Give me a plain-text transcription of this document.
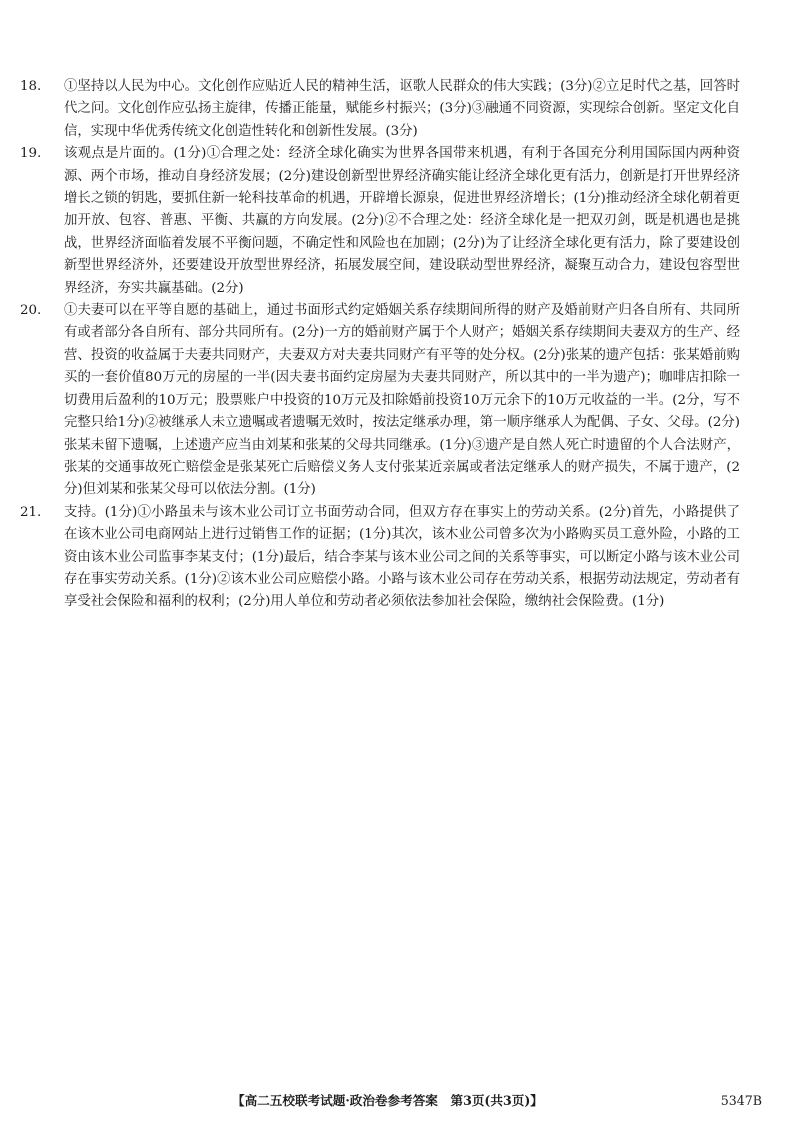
18.	①坚持以人民为中心。文化创作应贴近人民的精神生活，讴歌人民群众的伟大实践；(3分)②立足时代之基，回答时代之问。文化创作应弘扬主旋律，传播正能量，赋能乡村振兴；(3分)③融通不同资源，实现综合创新。坚定文化自信，实现中华优秀传统文化创造性转化和创新性发展。(3分)

19.	该观点是片面的。(1分)①合理之处：经济全球化确实为世界各国带来机遇，有利于各国充分利用国际国内两种资源、两个市场，推动自身经济发展；(2分)建设创新型世界经济确实能让经济全球化更有活力，创新是打开世界经济增长之锁的钥匙，要抓住新一轮科技革命的机遇，开辟增长源泉，促进世界经济增长；(1分)推动经济全球化朝着更加开放、包容、普惠、平衡、共赢的方向发展。(2分)②不合理之处：经济全球化是一把双刃剑，既是机遇也是挑战，世界经济面临着发展不平衡问题，不确定性和风险也在加剧；(2分)为了让经济全球化更有活力，除了要建设创新型世界经济外，还要建设开放型世界经济，拓展发展空间，建设联动型世界经济，凝聚互动合力，建设包容型世界经济，夯实共赢基础。(2分)

20.	①夫妻可以在平等自愿的基础上，通过书面形式约定婚姻关系存续期间所得的财产及婚前财产归各自所有、共同所有或者部分各自所有、部分共同所有。(2分)一方的婚前财产属于个人财产；婚姻关系存续期间夫妻双方的生产、经营、投资的收益属于夫妻共同财产，夫妻双方对夫妻共同财产有平等的处分权。(2分)张某的遗产包括：张某婚前购买的一套价值80万元的房屋的一半(因夫妻书面约定房屋为夫妻共同财产，所以其中的一半为遗产)；咖啡店扣除一切费用后盈利的10万元；股票账户中投资的10万元及扣除婚前投资10万元余下的10万元收益的一半。(2分，写不完整只给1分)②被继承人未立遗嘱或者遗嘱无效时，按法定继承办理，第一顺序继承人为配偶、子女、父母。(2分)张某未留下遗嘱，上述遗产应当由刘某和张某的父母共同继承。(1分)③遗产是自然人死亡时遗留的个人合法财产，张某的交通事故死亡赔偿金是张某死亡后赔偿义务人支付张某近亲属或者法定继承人的财产损失，不属于遗产，(2分)但刘某和张某父母可以依法分割。(1分)

21.	支持。(1分)①小路虽未与该木业公司订立书面劳动合同，但双方存在事实上的劳动关系。(2分)首先，小路提供了在该木业公司电商网站上进行过销售工作的证据；(1分)其次，该木业公司曾多次为小路购买员工意外险，小路的工资由该木业公司监事李某支付；(1分)最后，结合李某与该木业公司之间的关系等事实，可以断定小路与该木业公司存在事实劳动关系。(1分)②该木业公司应赔偿小路。小路与该木业公司存在劳动关系，根据劳动法规定，劳动者有享受社会保险和福利的权利；(2分)用人单位和劳动者必须依法参加社会保险，缴纳社会保险费。(1分)

【高二五校联考试题·政治卷参考答案　第3页(共3页)】	5347B
